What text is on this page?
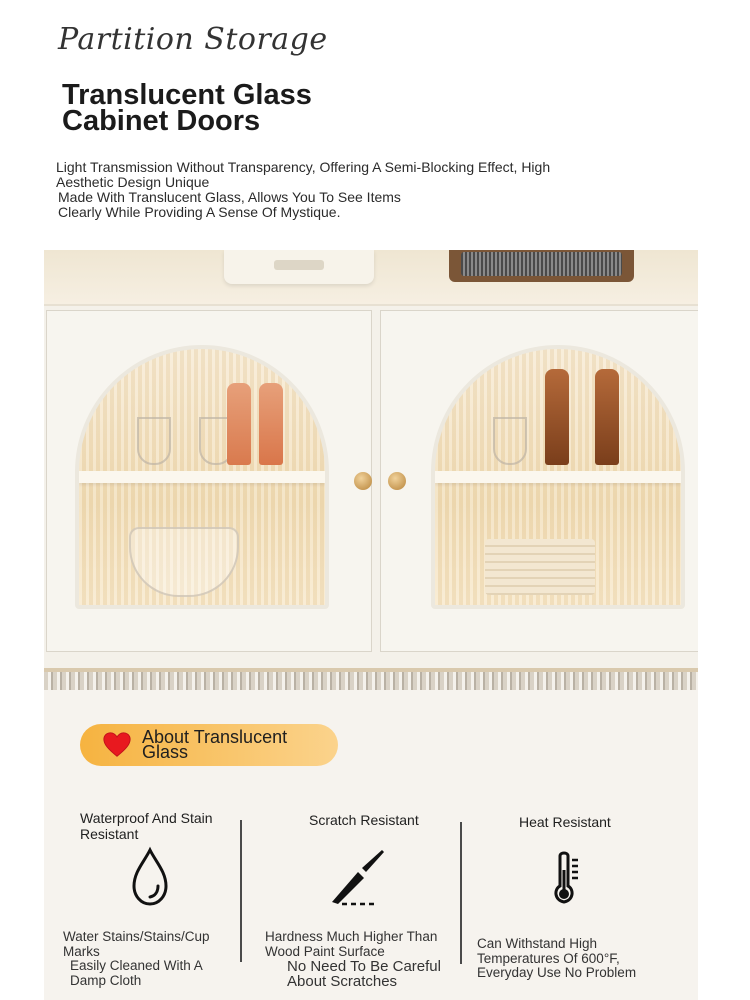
Partition Storage
Translucent Glass Cabinet Doors

Light Transmission Without Transparency, Offering A Semi-Blocking Effect, High Aesthetic Design Unique

Made With Translucent Glass, Allows You To See Items Clearly While Providing A Sense Of Mystique.

About Translucent Glass
Waterproof And Stain Resistant
Water Stains/Stains/Cup Marks
Easily Cleaned With A Damp Cloth
Scratch Resistant
Hardness Much Higher Than Wood Paint Surface
No Need To Be Careful About Scratches
Heat Resistant
Can Withstand High Temperatures Of 600°F, Everyday Use No Problem
